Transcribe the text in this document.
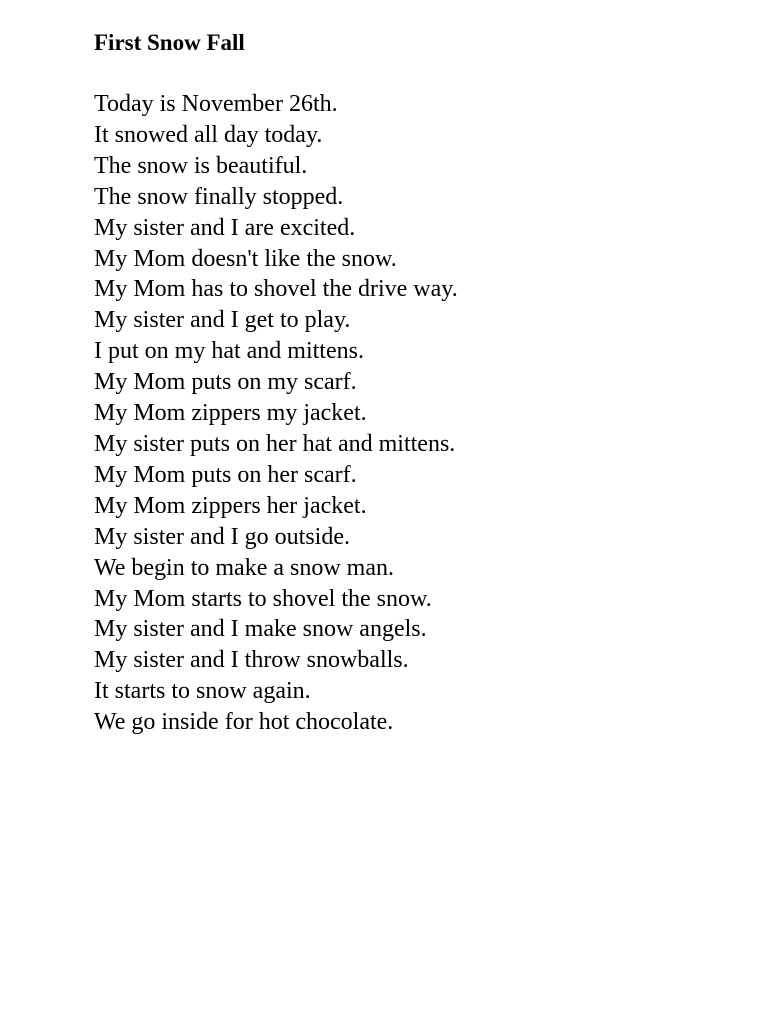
First Snow Fall
Today is November 26th.
It snowed all day today.
The snow is beautiful.
The snow finally stopped.
My sister and I are excited.
My Mom doesn't like the snow.
My Mom has to shovel the drive way.
My sister and I get to play.
I put on my hat and mittens.
My Mom puts on my scarf.
My Mom zippers my jacket.
My sister puts on her hat and mittens.
My Mom puts on her scarf.
My Mom zippers her jacket.
My sister and I go outside.
We begin to make a snow man.
My Mom starts to shovel the snow.
My sister and I make snow angels.
My sister and I throw snowballs.
It starts to snow again.
We go inside for hot chocolate.
